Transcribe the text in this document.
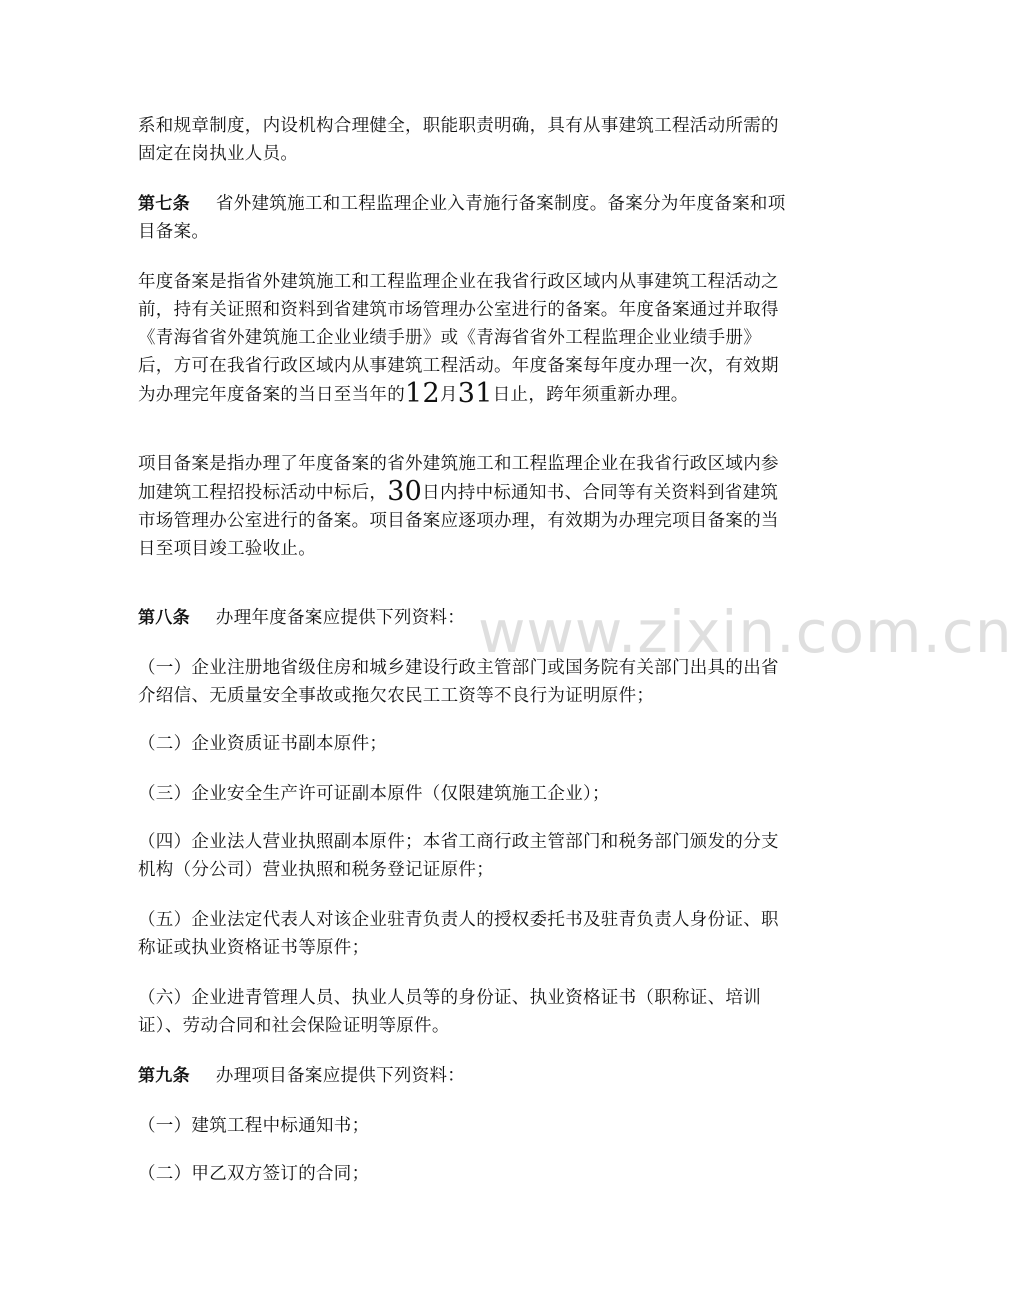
系和规章制度，内设机构合理健全，职能职责明确，具有从事建筑工程活动所需的固定在岗执业人员。

第七条 省外建筑施工和工程监理企业入青施行备案制度。备案分为年度备案和项目备案。

年度备案是指省外建筑施工和工程监理企业在我省行政区域内从事建筑工程活动之前，持有关证照和资料到省建筑市场管理办公室进行的备案。年度备案通过并取得《青海省省外建筑施工企业业绩手册》或《青海省省外工程监理企业业绩手册》后，方可在我省行政区域内从事建筑工程活动。年度备案每年度办理一次，有效期为办理完年度备案的当日至当年的12月31日止，跨年须重新办理。

项目备案是指办理了年度备案的省外建筑施工和工程监理企业在我省行政区域内参加建筑工程招投标活动中标后，30日内持中标通知书、合同等有关资料到省建筑市场管理办公室进行的备案。项目备案应逐项办理，有效期为办理完项目备案的当日至项目竣工验收止。

第八条 办理年度备案应提供下列资料：

（一）企业注册地省级住房和城乡建设行政主管部门或国务院有关部门出具的出省介绍信、无质量安全事故或拖欠农民工工资等不良行为证明原件；

（二）企业资质证书副本原件；

（三）企业安全生产许可证副本原件（仅限建筑施工企业）；

（四）企业法人营业执照副本原件；本省工商行政主管部门和税务部门颁发的分支机构（分公司）营业执照和税务登记证原件；

（五）企业法定代表人对该企业驻青负责人的授权委托书及驻青负责人身份证、职称证或执业资格证书等原件；

（六）企业进青管理人员、执业人员等的身份证、执业资格证书（职称证、培训证）、劳动合同和社会保险证明等原件。

第九条 办理项目备案应提供下列资料：

（一）建筑工程中标通知书；

（二）甲乙双方签订的合同；

www.zixin.com.cn
